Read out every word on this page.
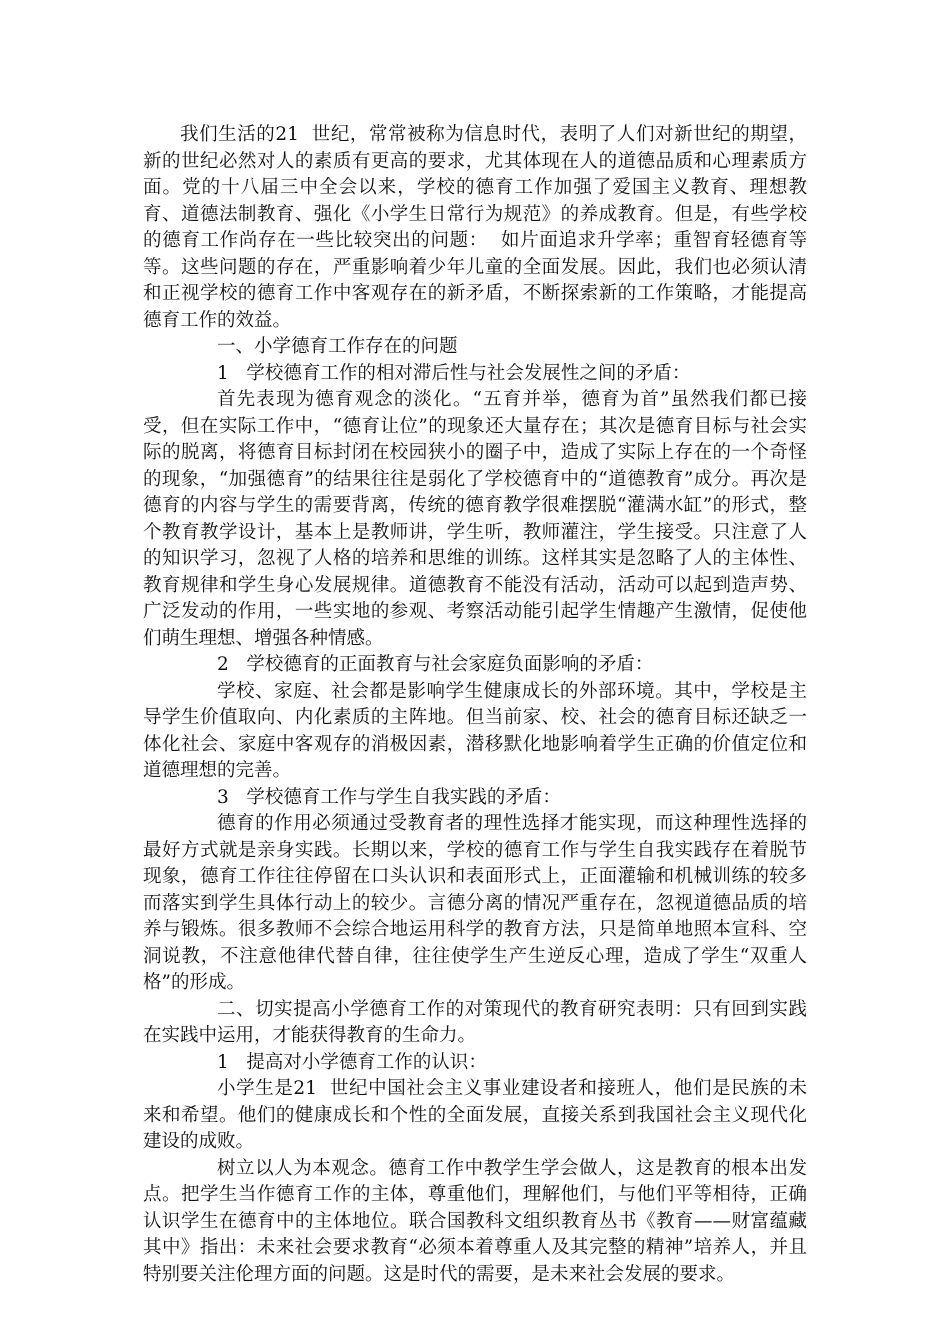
我们生活的21  世纪，常常被称为信息时代，表明了人们对新世纪的期望，新的世纪必然对人的素质有更高的要求，尤其体现在人的道德品质和心理素质方面。党的十八届三中全会以来，学校的德育工作加强了爱国主义教育、理想教育、道德法制教育、强化《小学生日常行为规范》的养成教育。但是，有些学校的德育工作尚存在一些比较突出的问题：  如片面追求升学率；重智育轻德育等等。这些问题的存在，严重影响着少年儿童的全面发展。因此，我们也必须认清和正视学校的德育工作中客观存在的新矛盾，不断探索新的工作策略，才能提高德育工作的效益。

一、小学德育工作存在的问题

1   学校德育工作的相对滞后性与社会发展性之间的矛盾：

首先表现为德育观念的淡化。“五育并举，德育为首”虽然我们都已接受，但在实际工作中，“德育让位”的现象还大量存在；其次是德育目标与社会实际的脱离，将德育目标封闭在校园狭小的圈子中，造成了实际上存在的一个奇怪的现象，“加强德育”的结果往往是弱化了学校德育中的“道德教育”成分。再次是德育的内容与学生的需要背离，传统的德育教学很难摆脱“灌满水缸”的形式，整个教育教学设计，基本上是教师讲，学生听，教师灌注，学生接受。只注意了人的知识学习，忽视了人格的培养和思维的训练。这样其实是忽略了人的主体性、教育规律和学生身心发展规律。道德教育不能没有活动，活动可以起到造声势、广泛发动的作用，一些实地的参观、考察活动能引起学生情趣产生激情，促使他们萌生理想、增强各种情感。

2   学校德育的正面教育与社会家庭负面影响的矛盾：

学校、家庭、社会都是影响学生健康成长的外部环境。其中，学校是主导学生价值取向、内化素质的主阵地。但当前家、校、社会的德育目标还缺乏一体化社会、家庭中客观存的消极因素，潜移默化地影响着学生正确的价值定位和道德理想的完善。

3   学校德育工作与学生自我实践的矛盾：

德育的作用必须通过受教育者的理性选择才能实现，而这种理性选择的最好方式就是亲身实践。长期以来，学校的德育工作与学生自我实践存在着脱节现象，德育工作往往停留在口头认识和表面形式上，正面灌输和机械训练的较多而落实到学生具体行动上的较少。言德分离的情况严重存在，忽视道德品质的培养与锻炼。很多教师不会综合地运用科学的教育方法，只是简单地照本宣科、空洞说教，不注意他律代替自律，往往使学生产生逆反心理，造成了学生“双重人格”的形成。

二、切实提高小学德育工作的对策现代的教育研究表明：只有回到实践在实践中运用，才能获得教育的生命力。

1   提高对小学德育工作的认识：

小学生是21  世纪中国社会主义事业建设者和接班人，他们是民族的未来和希望。他们的健康成长和个性的全面发展，直接关系到我国社会主义现代化建设的成败。

树立以人为本观念。德育工作中教学生学会做人，这是教育的根本出发点。把学生当作德育工作的主体，尊重他们，理解他们，与他们平等相待，正确认识学生在德育中的主体地位。联合国教科文组织教育丛书《教育——财富蕴藏其中》指出：未来社会要求教育“必须本着尊重人及其完整的精神”培养人，并且特别要关注伦理方面的问题。这是时代的需要，是未来社会发展的要求。
